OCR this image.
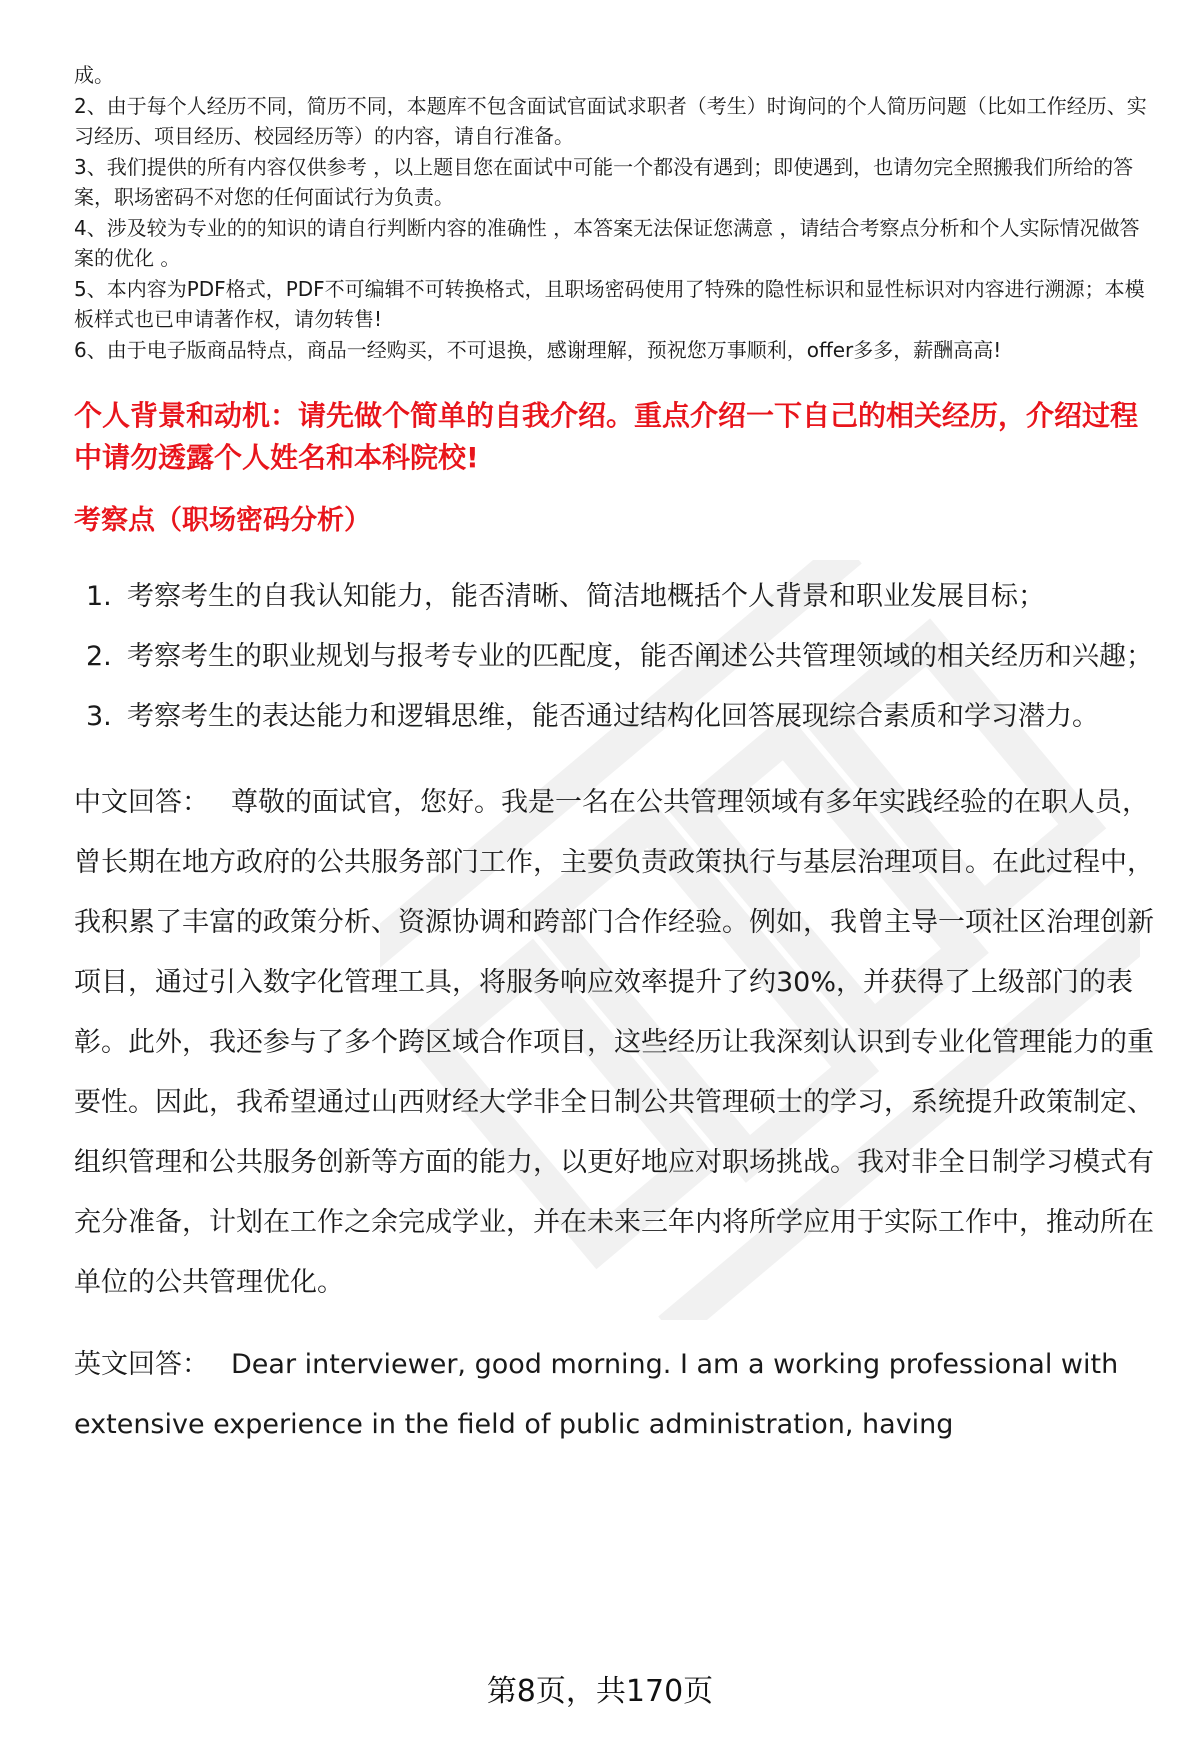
成。

2、由于每个人经历不同，简历不同，本题库不包含面试官面试求职者（考生）时询问的个人简历问题（比如工作经历、实习经历、项目经历、校园经历等）的内容，请自行准备。

3、我们提供的所有内容仅供参考 ，以上题目您在面试中可能一个都没有遇到；即使遇到，也请勿完全照搬我们所给的答案，职场密码不对您的任何面试行为负责。

4、涉及较为专业的的知识的请自行判断内容的准确性 ，本答案无法保证您满意 ，请结合考察点分析和个人实际情况做答案的优化 。

5、本内容为PDF格式，PDF不可编辑不可转换格式，且职场密码使用了特殊的隐性标识和显性标识对内容进行溯源；本模板样式也已申请著作权，请勿转售!

6、由于电子版商品特点，商品一经购买，不可退换，感谢理解，预祝您万事顺利，offer多多，薪酬高高!

个人背景和动机：请先做个简单的自我介绍。重点介绍一下自己的相关经历，介绍过程中请勿透露个人姓名和本科院校!
考察点（职场密码分析）
1. 考察考生的自我认知能力，能否清晰、简洁地概括个人背景和职业发展目标；
2. 考察考生的职业规划与报考专业的匹配度，能否阐述公共管理领域的相关经历和兴趣；
3. 考察考生的表达能力和逻辑思维，能否通过结构化回答展现综合素质和学习潜力。

中文回答： 尊敬的面试官，您好。我是一名在公共管理领域有多年实践经验的在职人员，曾长期在地方政府的公共服务部门工作，主要负责政策执行与基层治理项目。在此过程中，我积累了丰富的政策分析、资源协调和跨部门合作经验。例如，我曾主导一项社区治理创新项目，通过引入数字化管理工具，将服务响应效率提升了约30%，并获得了上级部门的表彰。此外，我还参与了多个跨区域合作项目，这些经历让我深刻认识到专业化管理能力的重要性。因此，我希望通过山西财经大学非全日制公共管理硕士的学习，系统提升政策制定、组织管理和公共服务创新等方面的能力，以更好地应对职场挑战。我对非全日制学习模式有充分准备，计划在工作之余完成学业，并在未来三年内将所学应用于实际工作中，推动所在单位的公共管理优化。

英文回答： Dear interviewer, good morning. I am a working professional with extensive experience in the field of public administration, having

第8页，共170页
